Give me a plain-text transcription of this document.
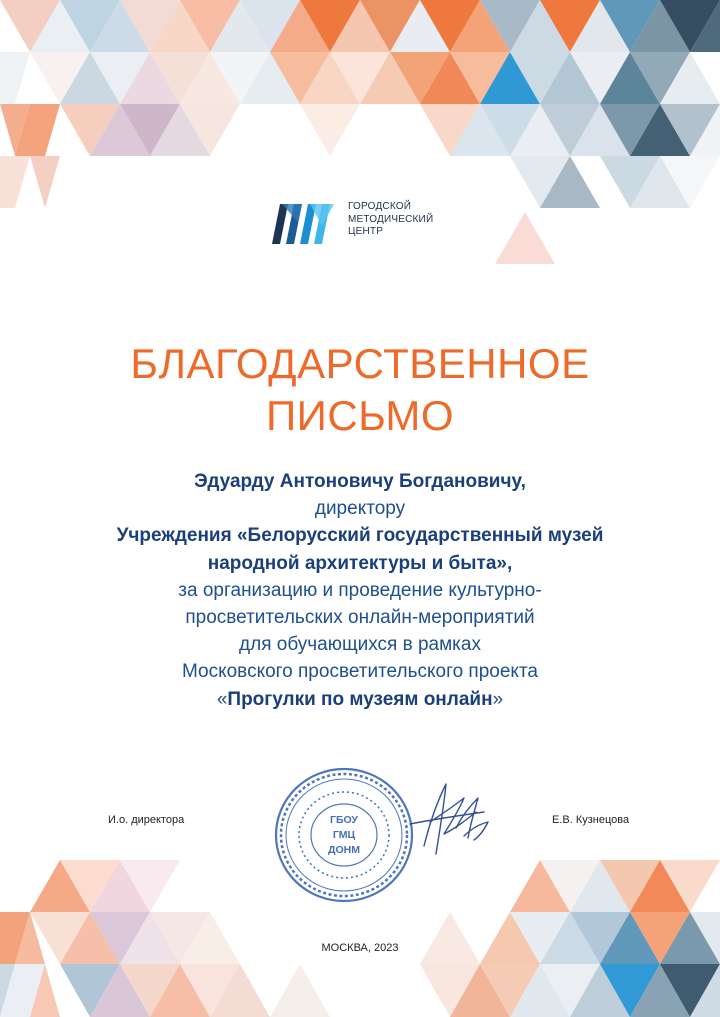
ГОРОДСКОЙ
МЕТОДИЧЕСКИЙ
ЦЕНТР
БЛАГОДАРСТВЕННОЕ
ПИСЬМО
Эдуарду Антоновичу Богдановичу,
директору
Учреждения «Белорусский государственный музей
народной архитектуры и быта»,
за организацию и проведение культурно-
просветительских онлайн-мероприятий
для обучающихся в рамках
Московского просветительского проекта
«Прогулки по музеям онлайн»
ГБОУ
ГМЦ
ДОНМ
И.о. директора	Е.В. Кузнецова
МОСКВА, 2023
